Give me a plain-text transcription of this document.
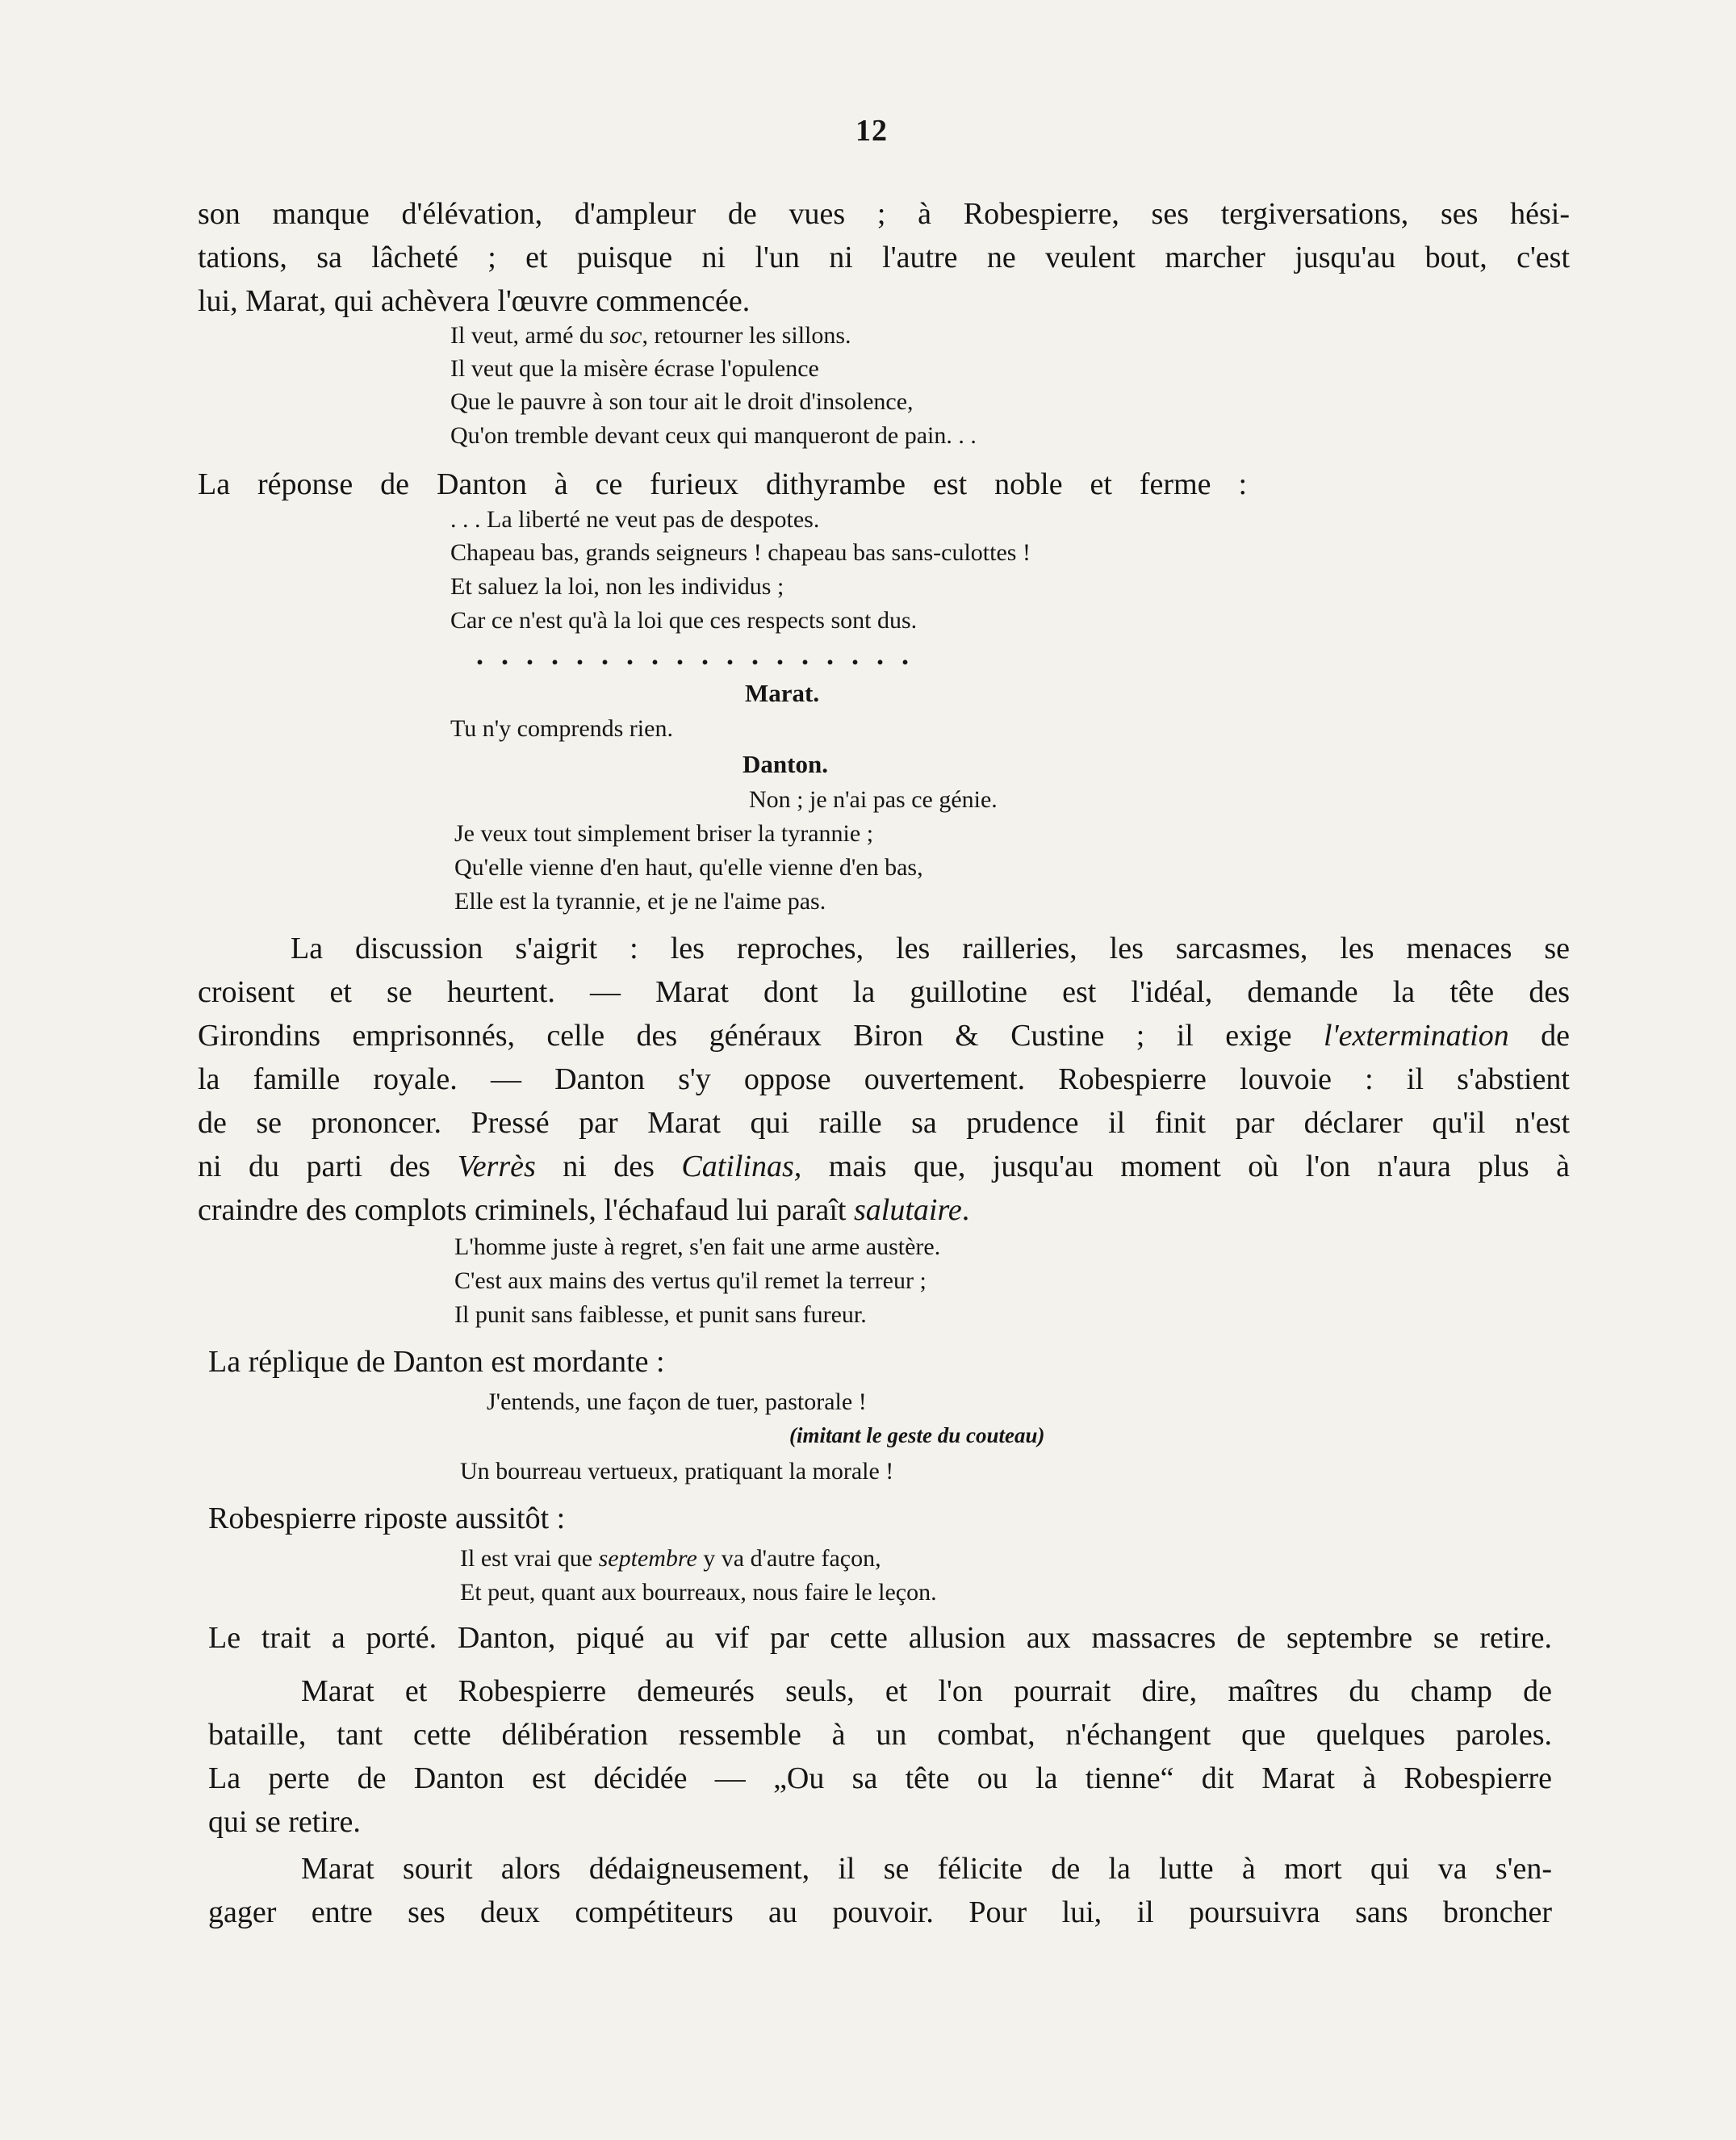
12
son manque d'élévation, d'ampleur de vues ; à Robespierre, ses tergiversations, ses hési-
tations, sa lâcheté ; et puisque ni l'un ni l'autre ne veulent marcher jusqu'au bout, c'est
lui, Marat, qui achèvera l'œuvre commencée.
Il veut, armé du soc, retourner les sillons.
Il veut que la misère écrase l'opulence
Que le pauvre à son tour ait le droit d'insolence,
Qu'on tremble devant ceux qui manqueront de pain. . .
La réponse de Danton à ce furieux dithyrambe est noble et ferme :
. . . La liberté ne veut pas de despotes.
Chapeau bas, grands seigneurs ! chapeau bas sans-culottes !
Et saluez la loi, non les individus ;
Car ce n'est qu'à la loi que ces respects sont dus.
..................
Marat.
Tu n'y comprends rien.
Danton.
Non ; je n'ai pas ce génie.
Je veux tout simplement briser la tyrannie ;
Qu'elle vienne d'en haut, qu'elle vienne d'en bas,
Elle est la tyrannie, et je ne l'aime pas.
La discussion s'aigrit : les reproches, les railleries, les sarcasmes, les menaces se
croisent et se heurtent. — Marat dont la guillotine est l'idéal, demande la tête des
Girondins emprisonnés, celle des généraux Biron & Custine ; il exige l'extermination de
la famille royale. — Danton s'y oppose ouvertement. Robespierre louvoie : il s'abstient
de se prononcer. Pressé par Marat qui raille sa prudence il finit par déclarer qu'il n'est
ni du parti des Verrès ni des Catilinas, mais que, jusqu'au moment où l'on n'aura plus à
craindre des complots criminels, l'échafaud lui paraît salutaire.
L'homme juste à regret, s'en fait une arme austère.
C'est aux mains des vertus qu'il remet la terreur ;
Il punit sans faiblesse, et punit sans fureur.
La réplique de Danton est mordante :
J'entends, une façon de tuer, pastorale !
(imitant le geste du couteau)
Un bourreau vertueux, pratiquant la morale !
Robespierre riposte aussitôt :
Il est vrai que septembre y va d'autre façon,
Et peut, quant aux bourreaux, nous faire le leçon.
Le trait a porté. Danton, piqué au vif par cette allusion aux massacres de septembre se retire.
Marat et Robespierre demeurés seuls, et l'on pourrait dire, maîtres du champ de
bataille, tant cette délibération ressemble à un combat, n'échangent que quelques paroles.
La perte de Danton est décidée — „Ou sa tête ou la tienne“ dit Marat à Robespierre
qui se retire.
Marat sourit alors dédaigneusement, il se félicite de la lutte à mort qui va s'en-
gager entre ses deux compétiteurs au pouvoir. Pour lui, il poursuivra sans broncher
